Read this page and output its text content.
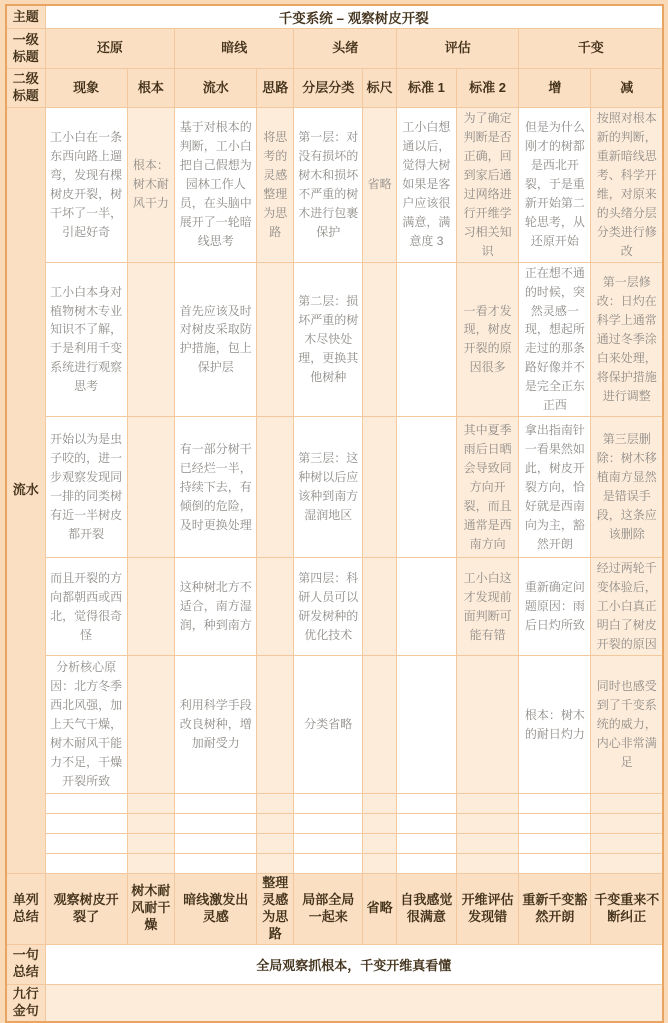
主题	千变系统 – 观察树皮开裂									
一级标题	还原		暗线		头绪		评估		千变	
二级标题	现象	根本	流水	思路	分层分类	标尺	标准 1	标准 2	增	减
流水	工小白在一条东西向路上遛弯，发现有棵树皮开裂，树干坏了一半，引起好奇	根本：树木耐风干力	基于对根本的判断，工小白把自己假想为园林工作人员，在头脑中展开了一轮暗线思考	将思考的灵感整理为思路	第一层：对没有损坏的树木和损坏不严重的树木进行包裹保护	省略	工小白想通以后，觉得大树如果是客户应该很满意，满意度 3	为了确定判断是否正确，回到家后通过网络进行开维学习相关知识	但是为什么刚才的树都是西北开裂，于是重新开始第二轮思考，从还原开始	按照对根本新的判断，重新暗线思考、科学开维，对原来的头绪分层分类进行修改
	工小白本身对植物树木专业知识不了解，于是利用千变系统进行观察思考		首先应该及时对树皮采取防护措施，包上保护层		第二层：损坏严重的树木尽快处理，更换其他树种			一看才发现，树皮开裂的原因很多	正在想不通的时候，突然灵感一现，想起所走过的那条路好像并不是完全正东正西	第一层修改：日灼在科学上通常通过冬季涂白来处理，将保护措施进行调整
	开始以为是虫子咬的，进一步观察发现同一排的同类树有近一半树皮都开裂		有一部分树干已经烂一半，持续下去，有倾倒的危险，及时更换处理		第三层：这种树以后应该种到南方湿润地区			其中夏季雨后日晒会导致同方向开裂，而且通常是西南方向	拿出指南针一看果然如此，树皮开裂方向，恰好就是西南向为主，豁然开朗	第三层删除：树木移植南方显然是错误手段，这条应该删除
	而且开裂的方向都朝西或西北，觉得很奇怪		这种树北方不适合，南方湿润，种到南方		第四层：科研人员可以研发树种的优化技术			工小白这才发现前面判断可能有错	重新确定问题原因：雨后日灼所致	经过两轮千变体验后，工小白真正明白了树皮开裂的原因
	分析核心原因：北方冬季西北风强，加上天气干燥，树木耐风干能力不足，干燥开裂所致		利用科学手段改良树种，增加耐受力		分类省略				根本：树木的耐日灼力	同时也感受到了千变系统的威力，内心非常满足

单列总结	观察树皮开裂了	树木耐风耐干燥	暗线激发出灵感	整理灵感为思路	局部全局一起来	省略	自我感觉很满意	开维评估发现错	重新千变豁然开朗	千变重来不断纠正
一句总结	全局观察抓根本，千变开维真看懂									
九行金句										
